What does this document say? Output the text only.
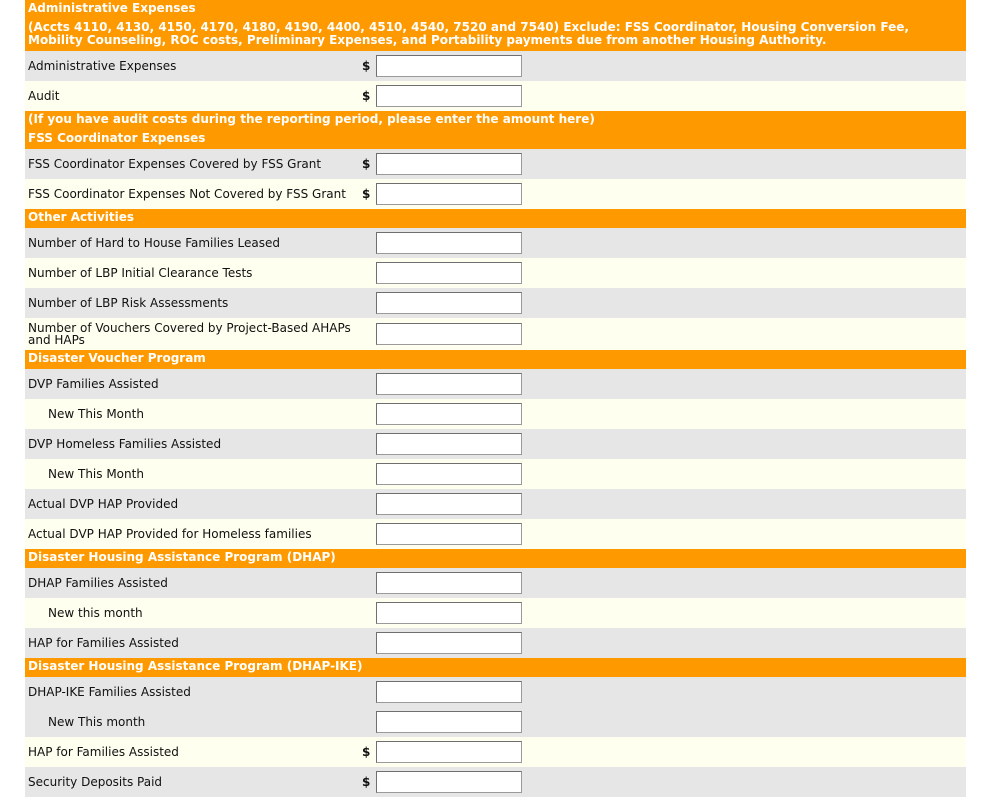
Administrative Expenses
(Accts 4110, 4130, 4150, 4170, 4180, 4190, 4400, 4510, 4540, 7520 and 7540) Exclude: FSS Coordinator, Housing Conversion Fee, Mobility Counseling, ROC costs, Preliminary Expenses, and Portability payments due from another Housing Authority.
Administrative Expenses	$
Audit	$
(If you have audit costs during the reporting period, please enter the amount here)
FSS Coordinator Expenses
FSS Coordinator Expenses Covered by FSS Grant	$
FSS Coordinator Expenses Not Covered by FSS Grant	$
Other Activities
Number of Hard to House Families Leased
Number of LBP Initial Clearance Tests
Number of LBP Risk Assessments
Number of Vouchers Covered by Project-Based AHAPs and HAPs
Disaster Voucher Program
DVP Families Assisted
New This Month
DVP Homeless Families Assisted
New This Month
Actual DVP HAP Provided
Actual DVP HAP Provided for Homeless families
Disaster Housing Assistance Program (DHAP)
DHAP Families Assisted
New this month
HAP for Families Assisted
Disaster Housing Assistance Program (DHAP-IKE)
DHAP-IKE Families Assisted
New This month
HAP for Families Assisted	$
Security Deposits Paid	$
